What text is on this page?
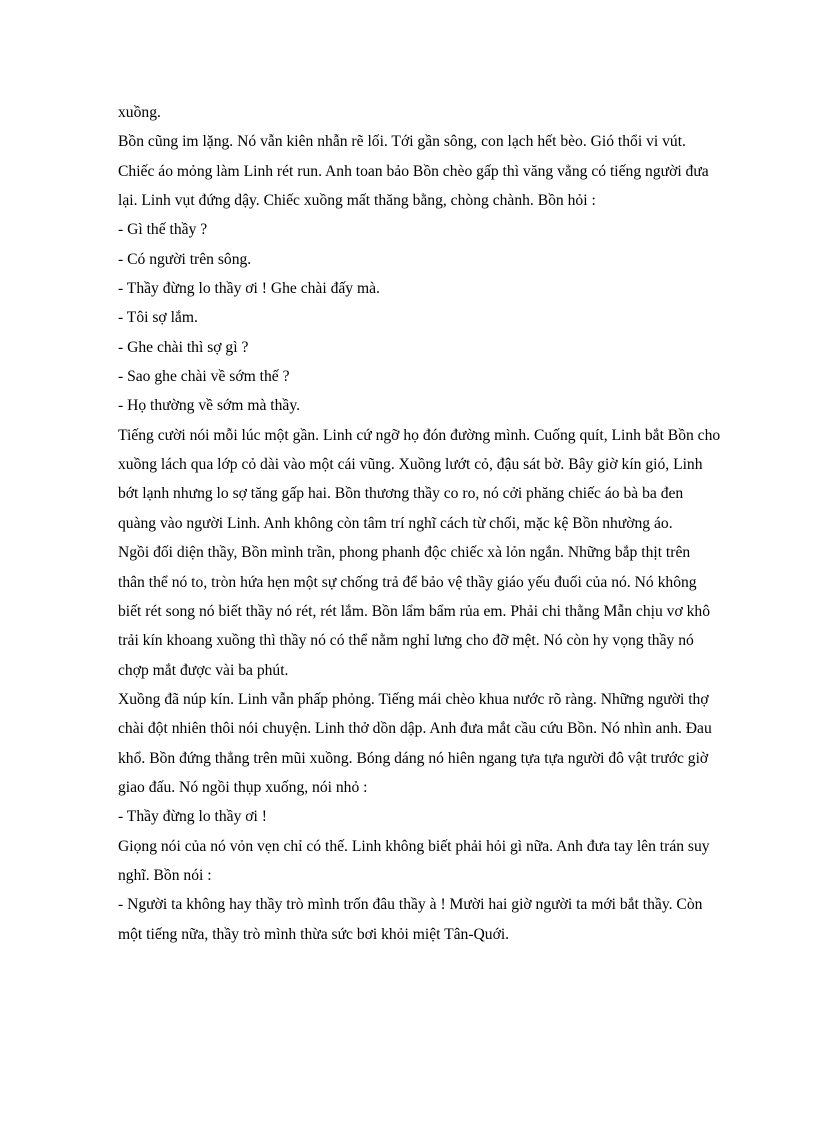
xuồng.
Bồn cũng im lặng. Nó vẫn kiên nhẫn rẽ lối. Tới gần sông, con lạch hết bèo. Gió thổi vi vút.
Chiếc áo mỏng làm Linh rét run. Anh toan bảo Bồn chèo gấp thì văng vẳng có tiếng người đưa
lại. Linh vụt đứng dậy. Chiếc xuồng mất thăng bằng, chòng chành. Bồn hỏi :
- Gì thế thầy ?
- Có người trên sông.
- Thầy đừng lo thầy ơi ! Ghe chài đấy mà.
- Tôi sợ lắm.
- Ghe chài thì sợ gì ?
- Sao ghe chài về sớm thế ?
- Họ thường về sớm mà thầy.
Tiếng cười nói mỗi lúc một gần. Linh cứ ngỡ họ đón đường mình. Cuống quít, Linh bắt Bồn cho
xuồng lách qua lớp cỏ dài vào một cái vũng. Xuồng lướt cỏ, đậu sát bờ. Bây giờ kín gió, Linh
bớt lạnh nhưng lo sợ tăng gấp hai. Bồn thương thầy co ro, nó cởi phăng chiếc áo bà ba đen
quàng vào người Linh. Anh không còn tâm trí nghĩ cách từ chối, mặc kệ Bồn nhường áo.
Ngồi đối diện thầy, Bồn mình trần, phong phanh độc chiếc xà lỏn ngắn. Những bắp thịt trên
thân thể nó to, tròn hứa hẹn một sự chống trả để bảo vệ thầy giáo yếu đuối của nó. Nó không
biết rét song nó biết thầy nó rét, rét lắm. Bồn lẩm bẩm rủa em. Phải chi thằng Mẫn chịu vơ khô
trải kín khoang xuồng thì thầy nó có thể nằm nghỉ lưng cho đỡ mệt. Nó còn hy vọng thầy nó
chợp mắt được vài ba phút.
Xuồng đã núp kín. Linh vẫn phấp phỏng. Tiếng mái chèo khua nước rõ ràng. Những người thợ
chài đột nhiên thôi nói chuyện. Linh thở dồn dập. Anh đưa mắt cầu cứu Bồn. Nó nhìn anh. Đau
khổ. Bồn đứng thẳng trên mũi xuồng. Bóng dáng nó hiên ngang tựa tựa người đô vật trước giờ
giao đấu. Nó ngồi thụp xuống, nói nhỏ :
- Thầy đừng lo thầy ơi !
Giọng nói của nó vỏn vẹn chỉ có thế. Linh không biết phải hỏi gì nữa. Anh đưa tay lên trán suy
nghĩ. Bồn nói :
- Người ta không hay thầy trò mình trốn đâu thầy à ! Mười hai giờ người ta mới bắt thầy. Còn
một tiếng nữa, thầy trò mình thừa sức bơi khỏi miệt Tân-Quới.
